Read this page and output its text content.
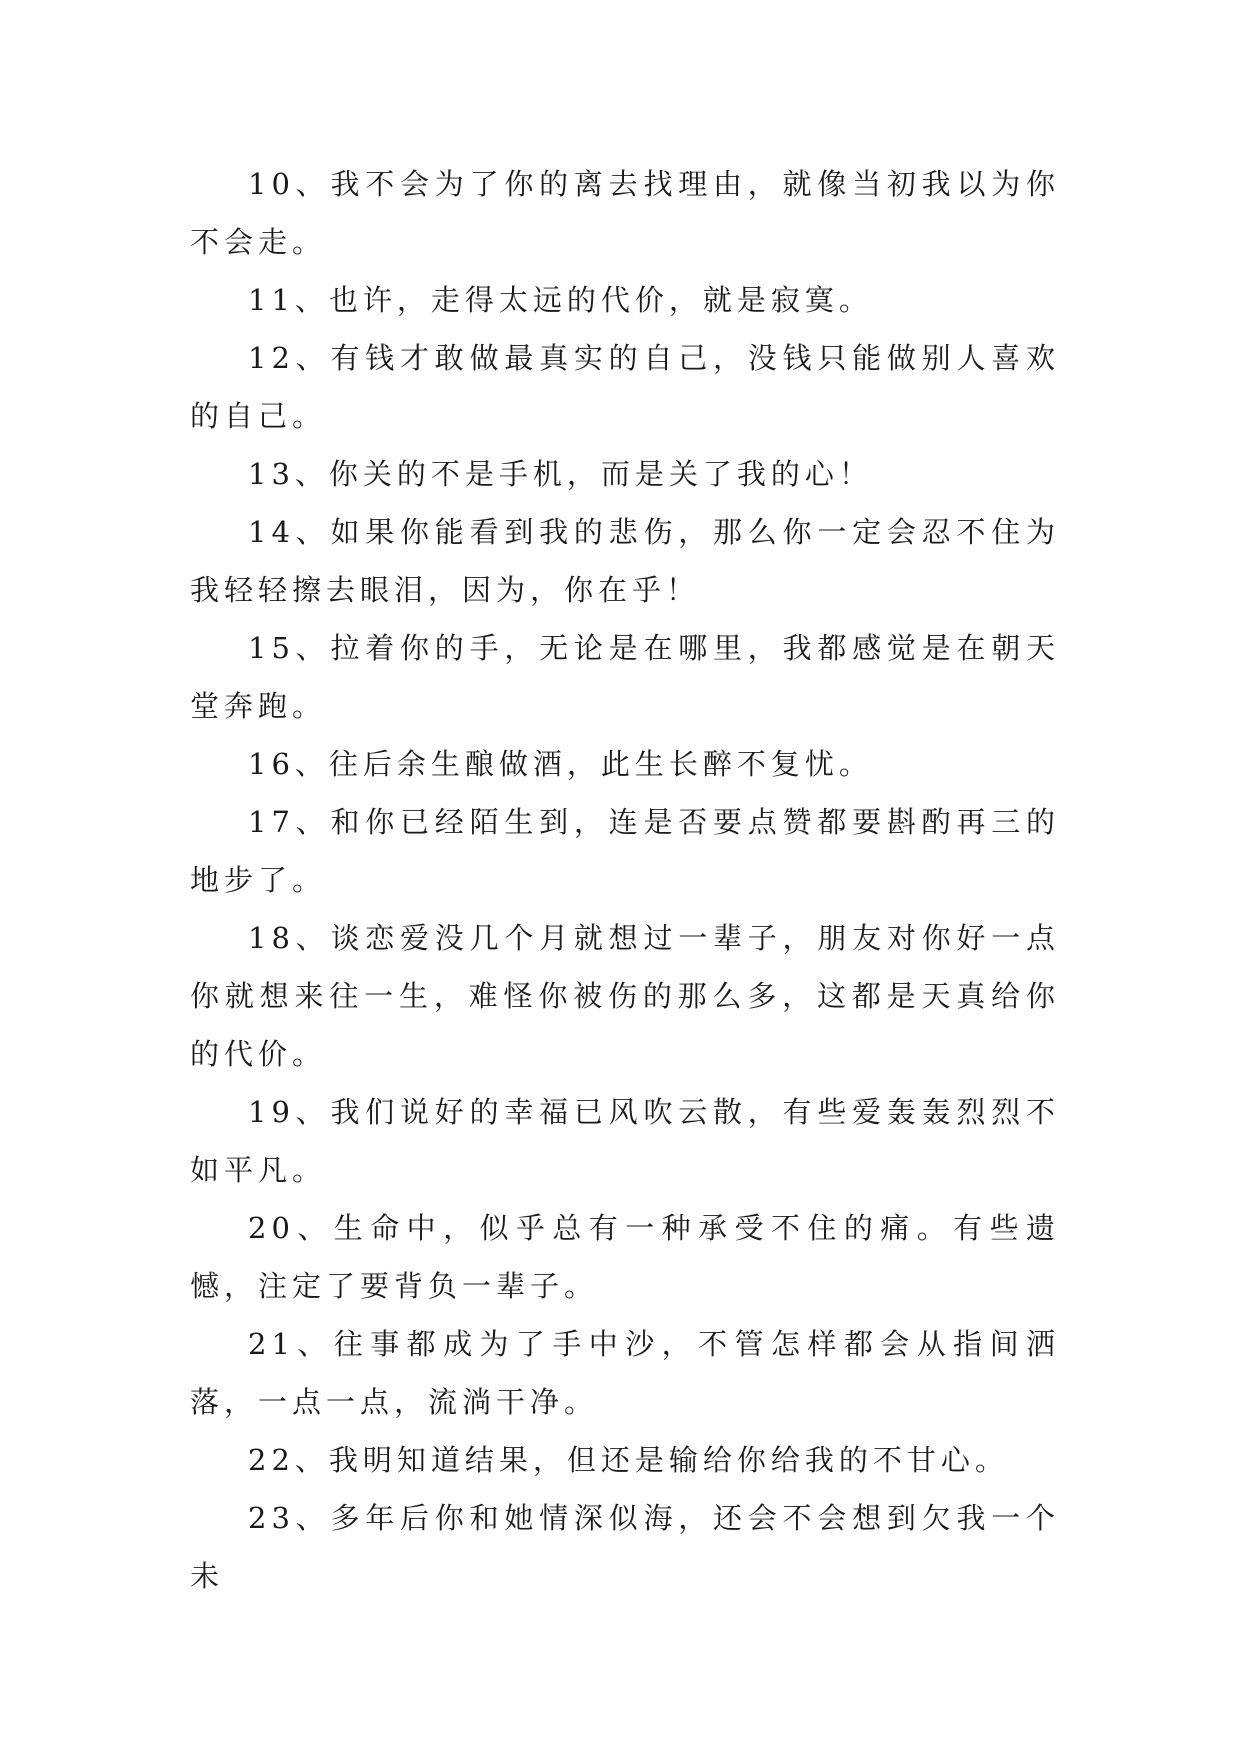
10、我不会为了你的离去找理由，就像当初我以为你不会走。

11、也许，走得太远的代价，就是寂寞。

12、有钱才敢做最真实的自己，没钱只能做别人喜欢的自己。

13、你关的不是手机，而是关了我的心！

14、如果你能看到我的悲伤，那么你一定会忍不住为我轻轻擦去眼泪，因为，你在乎！

15、拉着你的手，无论是在哪里，我都感觉是在朝天堂奔跑。

16、往后余生酿做酒，此生长醉不复忧。

17、和你已经陌生到，连是否要点赞都要斟酌再三的地步了。

18、谈恋爱没几个月就想过一辈子，朋友对你好一点你就想来往一生，难怪你被伤的那么多，这都是天真给你的代价。

19、我们说好的幸福已风吹云散，有些爱轰轰烈烈不如平凡。

20、生命中，似乎总有一种承受不住的痛。有些遗憾，注定了要背负一辈子。

21、往事都成为了手中沙，不管怎样都会从指间洒落，一点一点，流淌干净。

22、我明知道结果，但还是输给你给我的不甘心。

23、多年后你和她情深似海，还会不会想到欠我一个未
